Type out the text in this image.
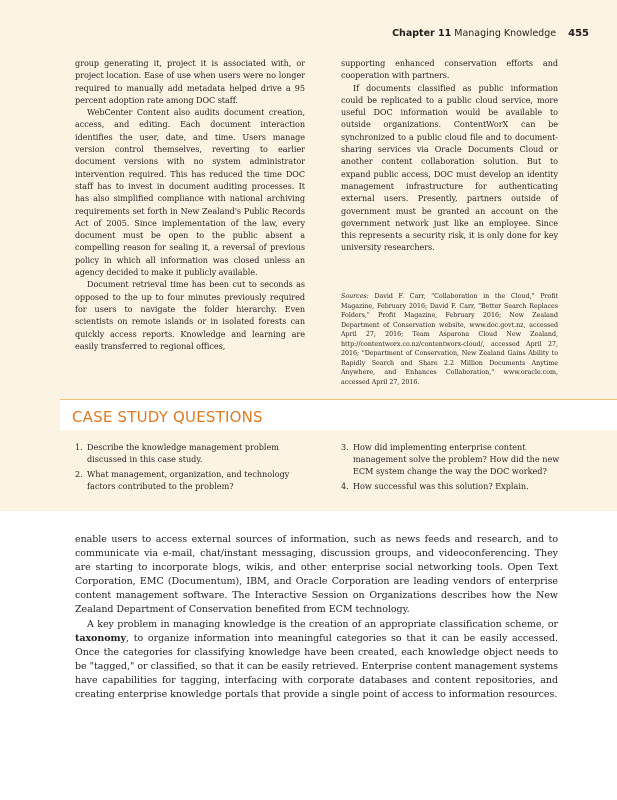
Chapter 11 Managing Knowledge 455

group generating it, project it is associated with, or project location. Ease of use when users were no longer required to manually add metadata helped drive a 95 percent adoption rate among DOC staff.

WebCenter Content also audits document creation, access, and editing. Each document interaction identifies the user, date, and time. Users manage version control themselves, reverting to earlier document versions with no system administrator intervention required. This has reduced the time DOC staff has to invest in document auditing processes. It has also simplified compliance with national archiving requirements set forth in New Zealand's Public Records Act of 2005. Since implementation of the law, every document must be open to the public absent a compelling reason for sealing it, a reversal of previous policy in which all information was closed unless an agency decided to make it publicly available.

Document retrieval time has been cut to seconds as opposed to the up to four minutes previously required for users to navigate the folder hierarchy. Even scientists on remote islands or in isolated forests can quickly access reports. Knowledge and learning are easily transferred to regional offices,

supporting enhanced conservation efforts and cooperation with partners.

If documents classified as public information could be replicated to a public cloud service, more useful DOC information would be available to outside organizations. ContentWorX can be synchronized to a public cloud file and to document-sharing services via Oracle Documents Cloud or another content collaboration solution. But to expand public access, DOC must develop an identity management infrastructure for authenticating external users. Presently, partners outside of government must be granted an account on the government network just like an employee. Since this represents a security risk, it is only done for key university researchers.

Sources: David F. Carr, "Collaboration in the Cloud," Profit Magazine, February 2016; David F. Carr, "Better Search Replaces Folders," Profit Magazine, February 2016; New Zealand Department of Conservation website, www.doc.govt.nz, accessed April 27, 2016; Team Asparona Cloud New Zealand, http://contentworx.co.nz/contentworx-cloud/, accessed April 27, 2016; "Department of Conservation, New Zealand Gains Ability to Rapidly Search and Share 2.2 Million Documents Anytime Anywhere, and Enhances Collaboration," www.oracle.com, accessed April 27, 2016.
CASE STUDY QUESTIONS
1. Describe the knowledge management problem discussed in this case study.
2. What management, organization, and technology factors contributed to the problem?
3. How did implementing enterprise content management solve the problem? How did the new ECM system change the way the DOC worked?
4. How successful was this solution? Explain.

enable users to access external sources of information, such as news feeds and research, and to communicate via e-mail, chat/instant messaging, discussion groups, and videoconferencing. They are starting to incorporate blogs, wikis, and other enterprise social networking tools. Open Text Corporation, EMC (Documentum), IBM, and Oracle Corporation are leading vendors of enterprise content management software. The Interactive Session on Organizations describes how the New Zealand Department of Conservation benefited from ECM technology.

A key problem in managing knowledge is the creation of an appropriate classification scheme, or taxonomy, to organize information into meaningful categories so that it can be easily accessed. Once the categories for classifying knowledge have been created, each knowledge object needs to be "tagged," or classified, so that it can be easily retrieved. Enterprise content management systems have capabilities for tagging, interfacing with corporate databases and content repositories, and creating enterprise knowledge portals that provide a single point of access to information resources.
